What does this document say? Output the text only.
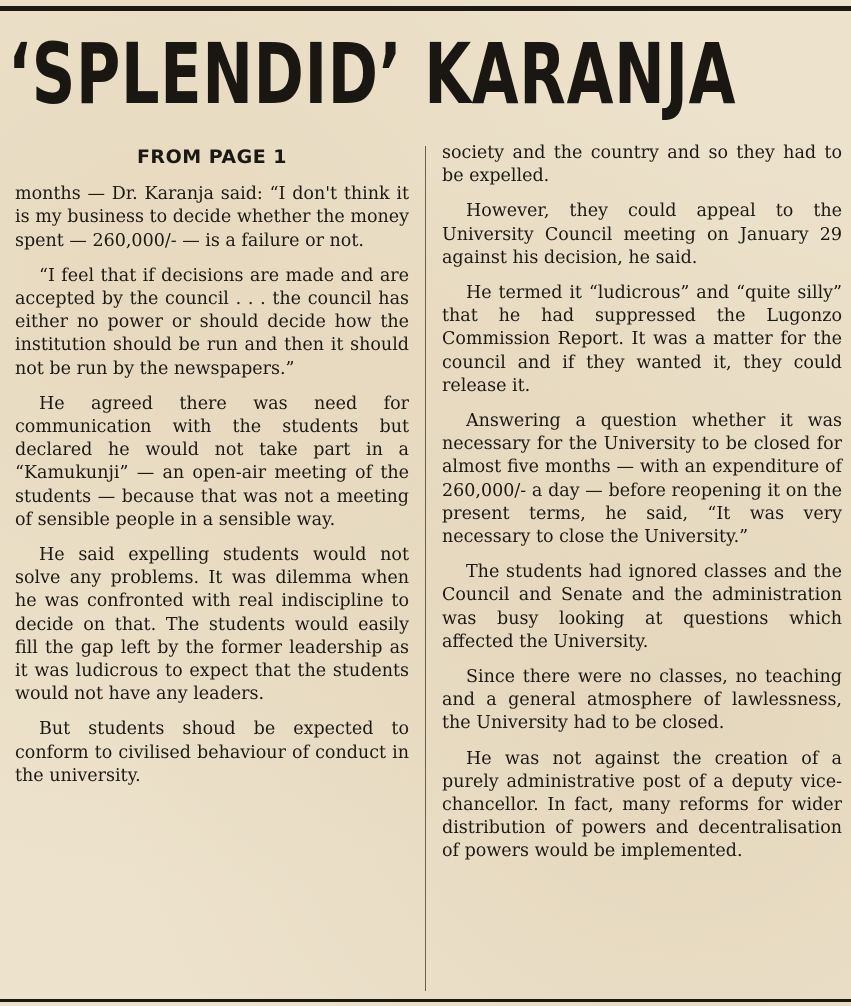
‘SPLENDID’ KARANJA
FROM PAGE 1

months — Dr. Karanja said: “I don't think it is my business to decide whether the money spent — 260,000/- — is a failure or not.

“I feel that if decisions are made and are accepted by the council . . . the council has either no power or should decide how the institution should be run and then it should not be run by the newspapers.”

He agreed there was need for communication with the students but declared he would not take part in a “Kamukunji” — an open-air meeting of the students — because that was not a meeting of sensible people in a sensible way.

He said expelling students would not solve any problems. It was dilemma when he was confronted with real indiscipline to decide on that. The students would easily fill the gap left by the former leadership as it was ludicrous to expect that the students would not have any leaders.

But students shoud be expected to conform to civilised behaviour of conduct in the university.

society and the country and so they had to be expelled.

However, they could appeal to the University Council meeting on January 29 against his decision, he said.

He termed it “ludicrous” and “quite silly” that he had suppressed the Lugonzo Commission Report. It was a matter for the council and if they wanted it, they could release it.

Answering a question whether it was necessary for the University to be closed for almost five months — with an expenditure of 260,000/- a day — before reopening it on the present terms, he said, “It was very necessary to close the University.”

The students had ignored classes and the Council and Senate and the administration was busy looking at questions which affected the University.

Since there were no classes, no teaching and a general atmosphere of lawlessness, the University had to be closed.

He was not against the creation of a purely administrative post of a deputy vice-chancellor. In fact, many reforms for wider distribution of powers and decentralisation of powers would be implemented.
